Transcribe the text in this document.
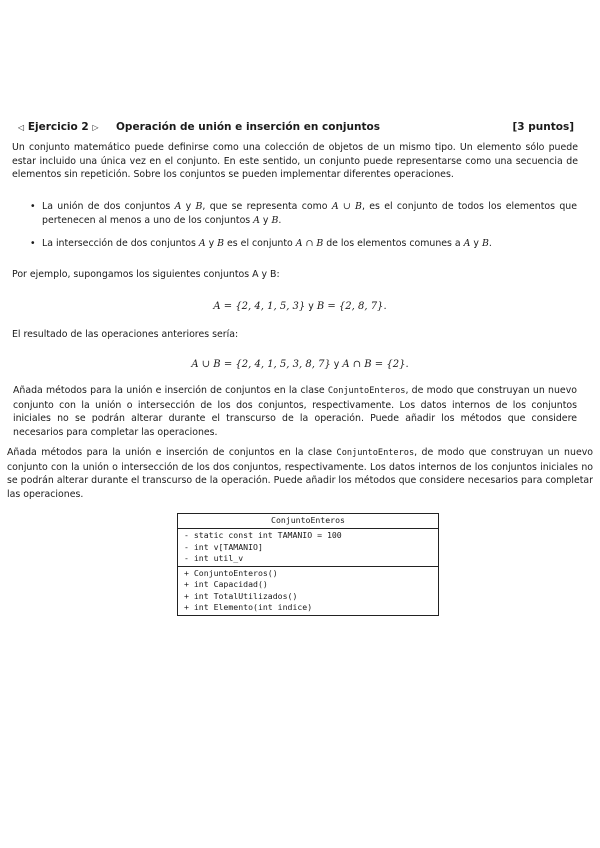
◁ Ejercicio 2 ▷ Operación de unión e inserción en conjuntos	[3 puntos]

Un conjunto matemático puede definirse como una colección de objetos de un mismo tipo. Un elemento sólo puede estar incluido una única vez en el conjunto. En este sentido, un conjunto puede representarse como una secuencia de elementos sin repetición. Sobre los conjuntos se pueden implementar diferentes operaciones.

• La unión de dos conjuntos A y B, que se representa como A ∪ B, es el conjunto de todos los elementos que pertenecen al menos a uno de los conjuntos A y B.
• La intersección de dos conjuntos A y B es el conjunto A ∩ B de los elementos comunes a A y B.

Por ejemplo, supongamos los siguientes conjuntos A y B:

A = {2, 4, 1, 5, 3} y B = {2, 8, 7}.

El resultado de las operaciones anteriores sería:

A ∪ B = {2, 4, 1, 5, 3, 8, 7} y A ∩ B = {2}.

Añada métodos para la unión e inserción de conjuntos en la clase ConjuntoEnteros, de modo que construyan un nuevo conjunto con la unión o intersección de los dos conjuntos, respectivamente. Los datos internos de los conjuntos iniciales no se podrán alterar durante el transcurso de la operación. Puede añadir los métodos que considere necesarios para completar las operaciones.

Añada métodos para la unión e inserción de conjuntos en la clase ConjuntoEnteros, de modo que construyan un nuevo conjunto con la unión o intersección de los dos conjuntos, respectivamente. Los datos internos de los conjuntos iniciales no se podrán alterar durante el transcurso de la operación. Puede añadir los métodos que considere necesarios para completar las operaciones.

ConjuntoEnteros
- static const int TAMANIO = 100
- int v[TAMANIO]
- int util_v
+ ConjuntoEnteros()
+ int Capacidad()
+ int TotalUtilizados()
+ int Elemento(int indice)
